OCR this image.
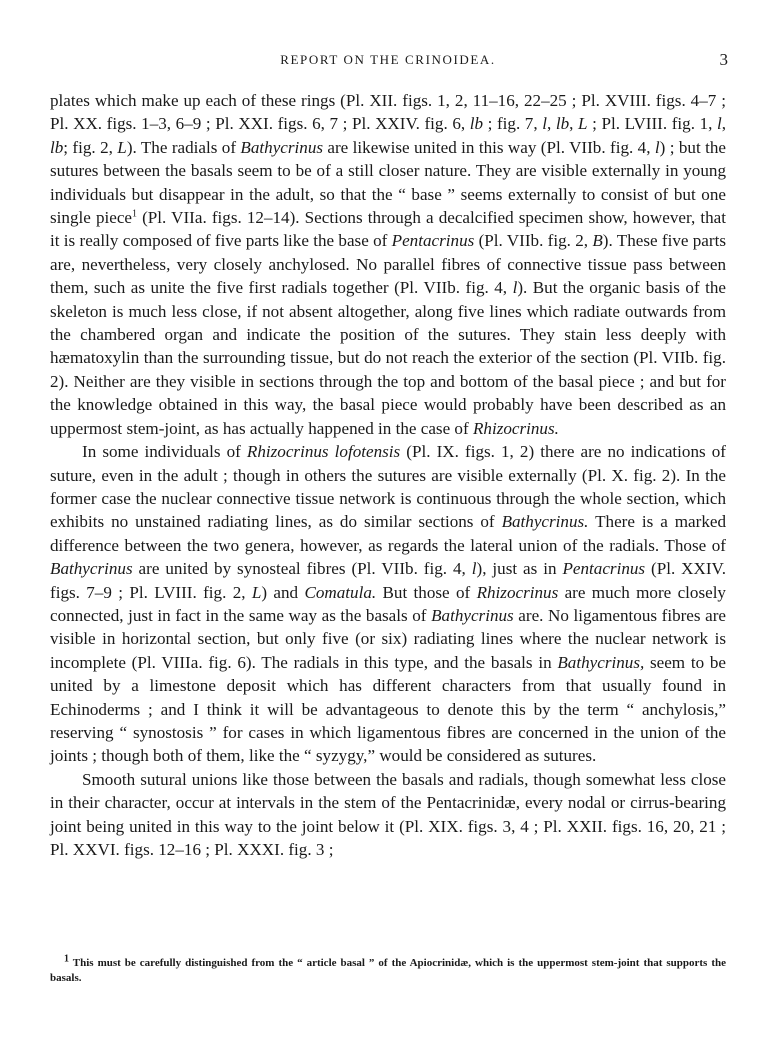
REPORT ON THE CRINOIDEA.	3

plates which make up each of these rings (Pl. XII. figs. 1, 2, 11–16, 22–25 ; Pl. XVIII. figs. 4–7 ; Pl. XX. figs. 1–3, 6–9 ; Pl. XXI. figs. 6, 7 ; Pl. XXIV. fig. 6, lb ; fig. 7, l, lb, L ; Pl. LVIII. fig. 1, l, lb; fig. 2, L). The radials of Bathycrinus are likewise united in this way (Pl. VIIb. fig. 4, l) ; but the sutures between the basals seem to be of a still closer nature. They are visible externally in young individuals but disappear in the adult, so that the “ base ” seems externally to consist of but one single piece$^1$ (Pl. VIIa. figs. 12–14). Sections through a decalcified specimen show, however, that it is really composed of five parts like the base of Pentacrinus (Pl. VIIb. fig. 2, B). These five parts are, nevertheless, very closely anchylosed. No parallel fibres of connective tissue pass between them, such as unite the five first radials together (Pl. VIIb. fig. 4, l). But the organic basis of the skeleton is much less close, if not absent altogether, along five lines which radiate outwards from the chambered organ and indicate the position of the sutures. They stain less deeply with hæmatoxylin than the surrounding tissue, but do not reach the exterior of the section (Pl. VIIb. fig. 2). Neither are they visible in sections through the top and bottom of the basal piece ; and but for the knowledge obtained in this way, the basal piece would probably have been described as an uppermost stem-joint, as has actually happened in the case of Rhizocrinus.

In some individuals of Rhizocrinus lofotensis (Pl. IX. figs. 1, 2) there are no indications of suture, even in the adult ; though in others the sutures are visible externally (Pl. X. fig. 2). In the former case the nuclear connective tissue network is continuous through the whole section, which exhibits no unstained radiating lines, as do similar sections of Bathycrinus. There is a marked difference between the two genera, however, as regards the lateral union of the radials. Those of Bathycrinus are united by synosteal fibres (Pl. VIIb. fig. 4, l), just as in Pentacrinus (Pl. XXIV. figs. 7–9 ; Pl. LVIII. fig. 2, L) and Comatula. But those of Rhizocrinus are much more closely connected, just in fact in the same way as the basals of Bathycrinus are. No ligamentous fibres are visible in horizontal section, but only five (or six) radiating lines where the nuclear network is incomplete (Pl. VIIIa. fig. 6). The radials in this type, and the basals in Bathycrinus, seem to be united by a limestone deposit which has different characters from that usually found in Echinoderms ; and I think it will be advantageous to denote this by the term “ anchylosis,” reserving “ synostosis ” for cases in which ligamentous fibres are concerned in the union of the joints ; though both of them, like the “ syzygy,” would be considered as sutures.

Smooth sutural unions like those between the basals and radials, though somewhat less close in their character, occur at intervals in the stem of the Pentacrinidæ, every nodal or cirrus-bearing joint being united in this way to the joint below it (Pl. XIX. figs. 3, 4 ; Pl. XXII. figs. 16, 20, 21 ; Pl. XXVI. figs. 12–16 ; Pl. XXXI. fig. 3 ;

$^1$ This must be carefully distinguished from the “ article basal ” of the Apiocrinidæ, which is the uppermost stem-joint that supports the basals.
